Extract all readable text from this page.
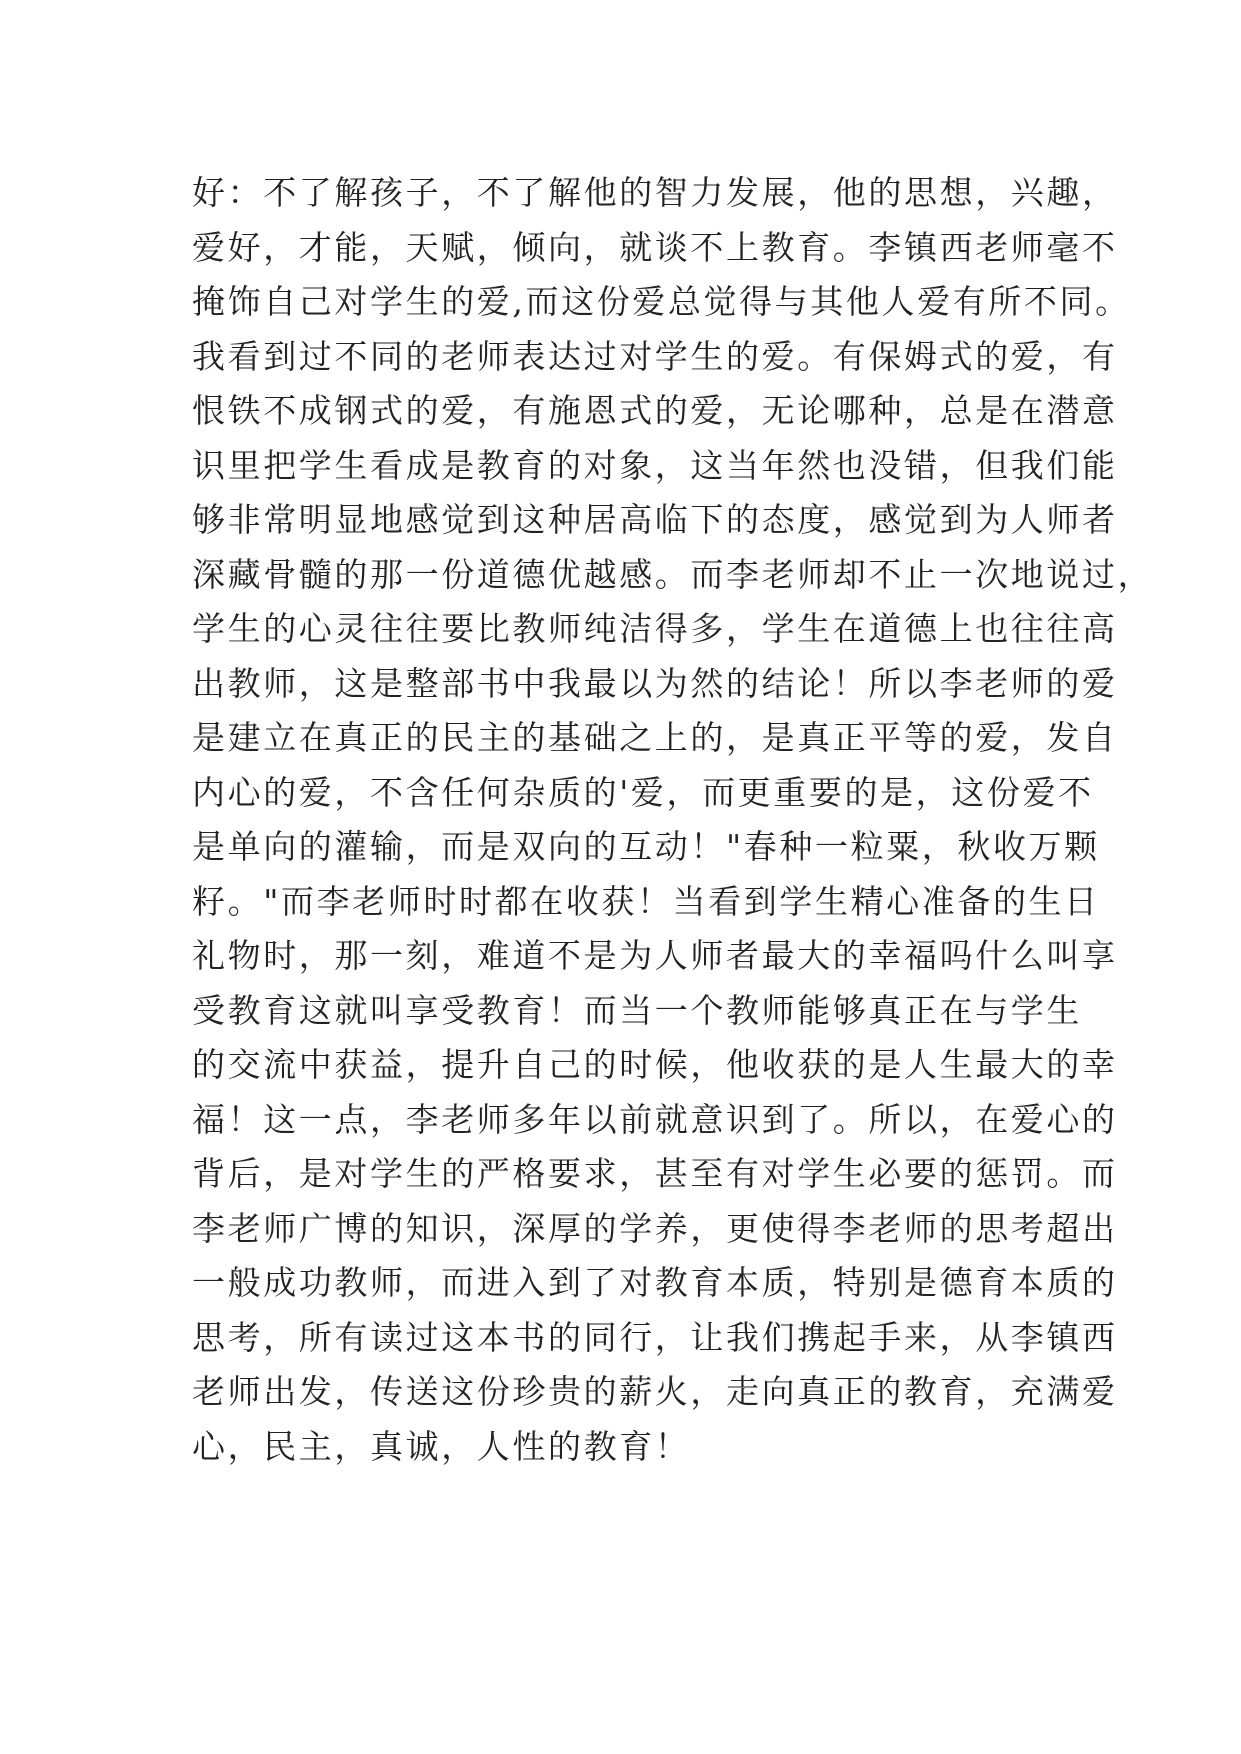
好：不了解孩子，不了解他的智力发展，他的思想，兴趣，
爱好，才能，天赋，倾向，就谈不上教育。李镇西老师毫不
掩饰自己对学生的爱,而这份爱总觉得与其他人爱有所不同。
我看到过不同的老师表达过对学生的爱。有保姆式的爱，有
恨铁不成钢式的爱，有施恩式的爱，无论哪种，总是在潜意
识里把学生看成是教育的对象，这当年然也没错，但我们能
够非常明显地感觉到这种居高临下的态度，感觉到为人师者
深藏骨髓的那一份道德优越感。而李老师却不止一次地说过，
学生的心灵往往要比教师纯洁得多，学生在道德上也往往高
出教师，这是整部书中我最以为然的结论！所以李老师的爱
是建立在真正的民主的基础之上的，是真正平等的爱，发自
内心的爱，不含任何杂质的'爱，而更重要的是，这份爱不
是单向的灌输，而是双向的互动！"春种一粒粟，秋收万颗
籽。"而李老师时时都在收获！当看到学生精心准备的生日
礼物时，那一刻，难道不是为人师者最大的幸福吗什么叫享
受教育这就叫享受教育！而当一个教师能够真正在与学生
的交流中获益，提升自己的时候，他收获的是人生最大的幸
福！这一点，李老师多年以前就意识到了。所以，在爱心的
背后，是对学生的严格要求，甚至有对学生必要的惩罚。而
李老师广博的知识，深厚的学养，更使得李老师的思考超出
一般成功教师，而进入到了对教育本质，特别是德育本质的
思考，所有读过这本书的同行，让我们携起手来，从李镇西
老师出发，传送这份珍贵的薪火，走向真正的教育，充满爱
心，民主，真诚，人性的教育！
